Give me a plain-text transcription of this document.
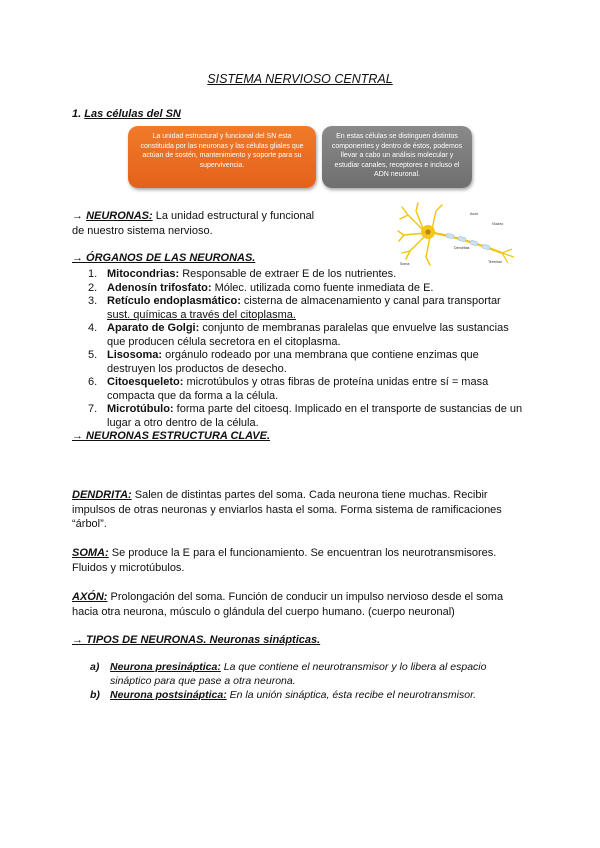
SISTEMA NERVIOSO CENTRAL
1. Las células del SN
La unidad estructural y funcional del SN esta constituida por las neuronas y las células gliales que actúan de sostén, mantenimiento y soporte para su supervivencia.
En estas células se distinguen distintos componentes y dentro de éstos, podemos llevar a cabo un análisis molecular y estudiar canales, receptores e incluso el ADN neuronal.
→ NEURONAS: La unidad estructural y funcional
de nuestro sistema nervioso.
Axón
Núcleo
Dendritas
Soma	Terminal
→ ÓRGANOS DE LAS NEURONAS.
1. Mitocondrias: Responsable de extraer E de los nutrientes.
2. Adenosín trifosfato: Mólec. utilizada como fuente inmediata de E.
3. Retículo endoplasmático: cisterna de almacenamiento y canal para transportar
sust. químicas a través del citoplasma.
4. Aparato de Golgi: conjunto de membranas paralelas que envuelve las sustancias
que producen célula secretora en el citoplasma.
5. Lisosoma: orgánulo rodeado por una membrana que contiene enzimas que
destruyen los productos de desecho.
6. Citoesqueleto: microtúbulos y otras fibras de proteína unidas entre sí = masa
compacta que da forma a la célula.
7. Microtúbulo: forma parte del citoesq. Implicado en el transporte de sustancias de un
lugar a otro dentro de la célula.
→ NEURONAS ESTRUCTURA CLAVE.
DENDRITA: Salen de distintas partes del soma. Cada neurona tiene muchas. Recibir
impulsos de otras neuronas y enviarlos hasta el soma. Forma sistema de ramificaciones
“árbol”.
SOMA: Se produce la E para el funcionamiento. Se encuentran los neurotransmisores.
Fluidos y microtúbulos.
AXÓN: Prolongación del soma. Función de conducir un impulso nervioso desde el soma
hacia otra neurona, músculo o glándula del cuerpo humano. (cuerpo neuronal)
→ TIPOS DE NEURONAS. Neuronas sinápticas.
a) Neurona presináptica: La que contiene el neurotransmisor y lo libera al espacio
sináptico para que pase a otra neurona.
b) Neurona postsináptica: En la unión sináptica, ésta recibe el neurotransmisor.
